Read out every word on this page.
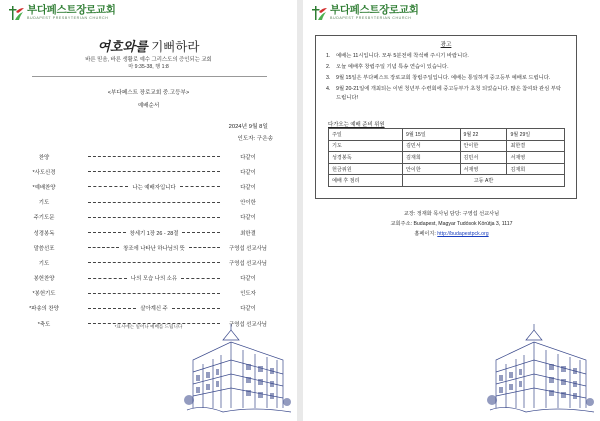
부다페스트장로교회
BUDAPEST PRESBYTERIAN CHURCH
여호와를 기뻐하라
바른 믿음, 바른 생활로 예수 그리스도의 증인되는 교회
마 9:35-38, 행 1:8
<부다페스트 장로교회 중.고등부>
예배순서
2024년 9월 8일
인도자: 구은송
찬양	다같이
*사도신경	다같이
*예배찬양	나는 예배자입니다	다같이
기도	안이한
주기도문	다같이
성경봉독	창세기 1장 26 - 28절	최한결
말씀선포	창조에 나타난 하나님의 뜻	구영섭 선교사님
기도	구영섭 선교사님
봉헌찬양	나의 모습 나의 소유	다같이
*봉헌기도	인도자
*파송의 찬양	살아계신 주	다같이
*축도	구영섭 선교사님
*표시에는 일어나 예배를 드립니다
부다페스트장로교회
BUDAPEST PRESBYTERIAN CHURCH
광고
1.	예배는 11시입니다. 모두 5분전에 착석해 주시기 바랍니다.
2.	오늘 예배후 창립주일 기념 특송 연습이 있습니다.
3.	9월 15일은 부다페스트 장로교회 창립주일입니다. 예배는 통일하게 중고등부 예배로 드립니다.
4.	9월 20-21일에 개최되는 이번 청년부 수련회에 중고등부가 초청 되었습니다. 많은 참여와 관심 부탁드립니다!
다가오는 예배 준비 위원
주일	9월 15일	9월 22	9월 29일
기도	김민서	안이한	최한결
성경봉독	김재희	김민서	서재영
헌금위원	안이한	서재영	김재희
예배 후 점리	고등 A반		
교장: 정재화 목사님 담당: 구영섭 선교사님
교회주소: Budapest, Magyar Tudósok Körútja 3, 1117
홈페이지: http://budapestpck.org
